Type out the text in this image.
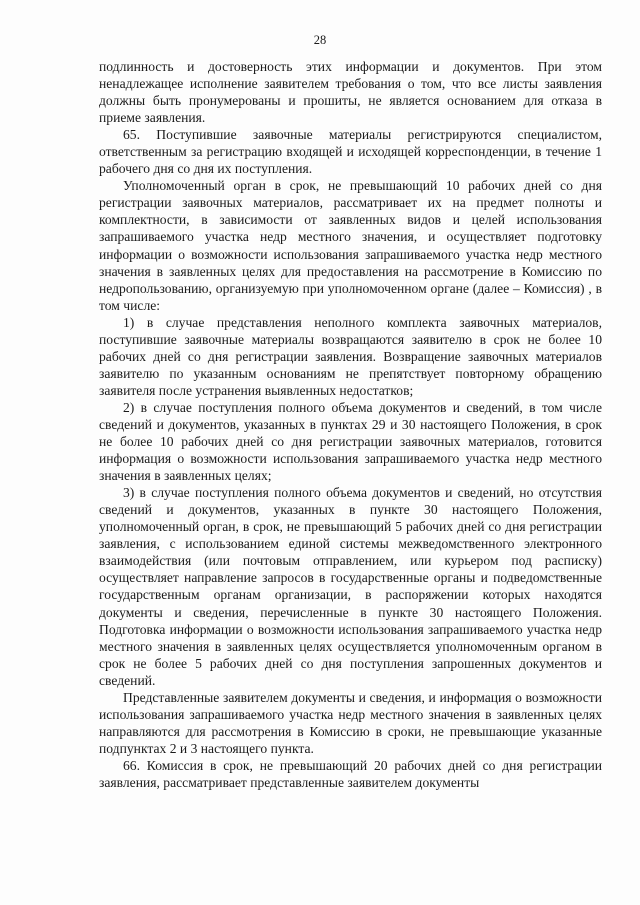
28

подлинность и достоверность этих информации и документов. При этом ненадлежащее исполнение заявителем требования о том, что все листы заявления должны быть пронумерованы и прошиты, не является основанием для отказа в приеме заявления.

65. Поступившие заявочные материалы регистрируются специалистом, ответственным за регистрацию входящей и исходящей корреспонденции, в течение 1 рабочего дня со дня их поступления.

Уполномоченный орган в срок, не превышающий 10 рабочих дней со дня регистрации заявочных материалов, рассматривает их на предмет полноты и комплектности, в зависимости от заявленных видов и целей использования запрашиваемого участка недр местного значения, и осуществляет подготовку информации о возможности использования запрашиваемого участка недр местного значения в заявленных целях для предоставления на рассмотрение в Комиссию по недропользованию, организуемую при уполномоченном органе (далее – Комиссия) , в том числе:

1) в случае представления неполного комплекта заявочных материалов, поступившие заявочные материалы возвращаются заявителю в срок не более 10 рабочих дней со дня регистрации заявления. Возвращение заявочных материалов заявителю по указанным основаниям не препятствует повторному обращению заявителя после устранения выявленных недостатков;

2) в случае поступления полного объема документов и сведений, в том числе сведений и документов, указанных в пунктах 29 и 30 настоящего Положения, в срок не более 10 рабочих дней со дня регистрации заявочных материалов, готовится информация о возможности использования запрашиваемого участка недр местного значения в заявленных целях;

3) в случае поступления полного объема документов и сведений, но отсутствия сведений и документов, указанных в пункте 30 настоящего Положения, уполномоченный орган, в срок, не превышающий 5 рабочих дней со дня регистрации заявления, с использованием единой системы межведомственного электронного взаимодействия (или почтовым отправлением, или курьером под расписку) осуществляет направление запросов в государственные органы и подведомственные государственным органам организации, в распоряжении которых находятся документы и сведения, перечисленные в пункте 30 настоящего Положения. Подготовка информации о возможности использования запрашиваемого участка недр местного значения в заявленных целях осуществляется уполномоченным органом в срок не более 5 рабочих дней со дня поступления запрошенных документов и сведений.

Представленные заявителем документы и сведения, и информация о возможности использования запрашиваемого участка недр местного значения в заявленных целях направляются для рассмотрения в Комиссию в сроки, не превышающие указанные подпунктах 2 и 3 настоящего пункта.

66. Комиссия в срок, не превышающий 20 рабочих дней со дня регистрации заявления, рассматривает представленные заявителем документы
